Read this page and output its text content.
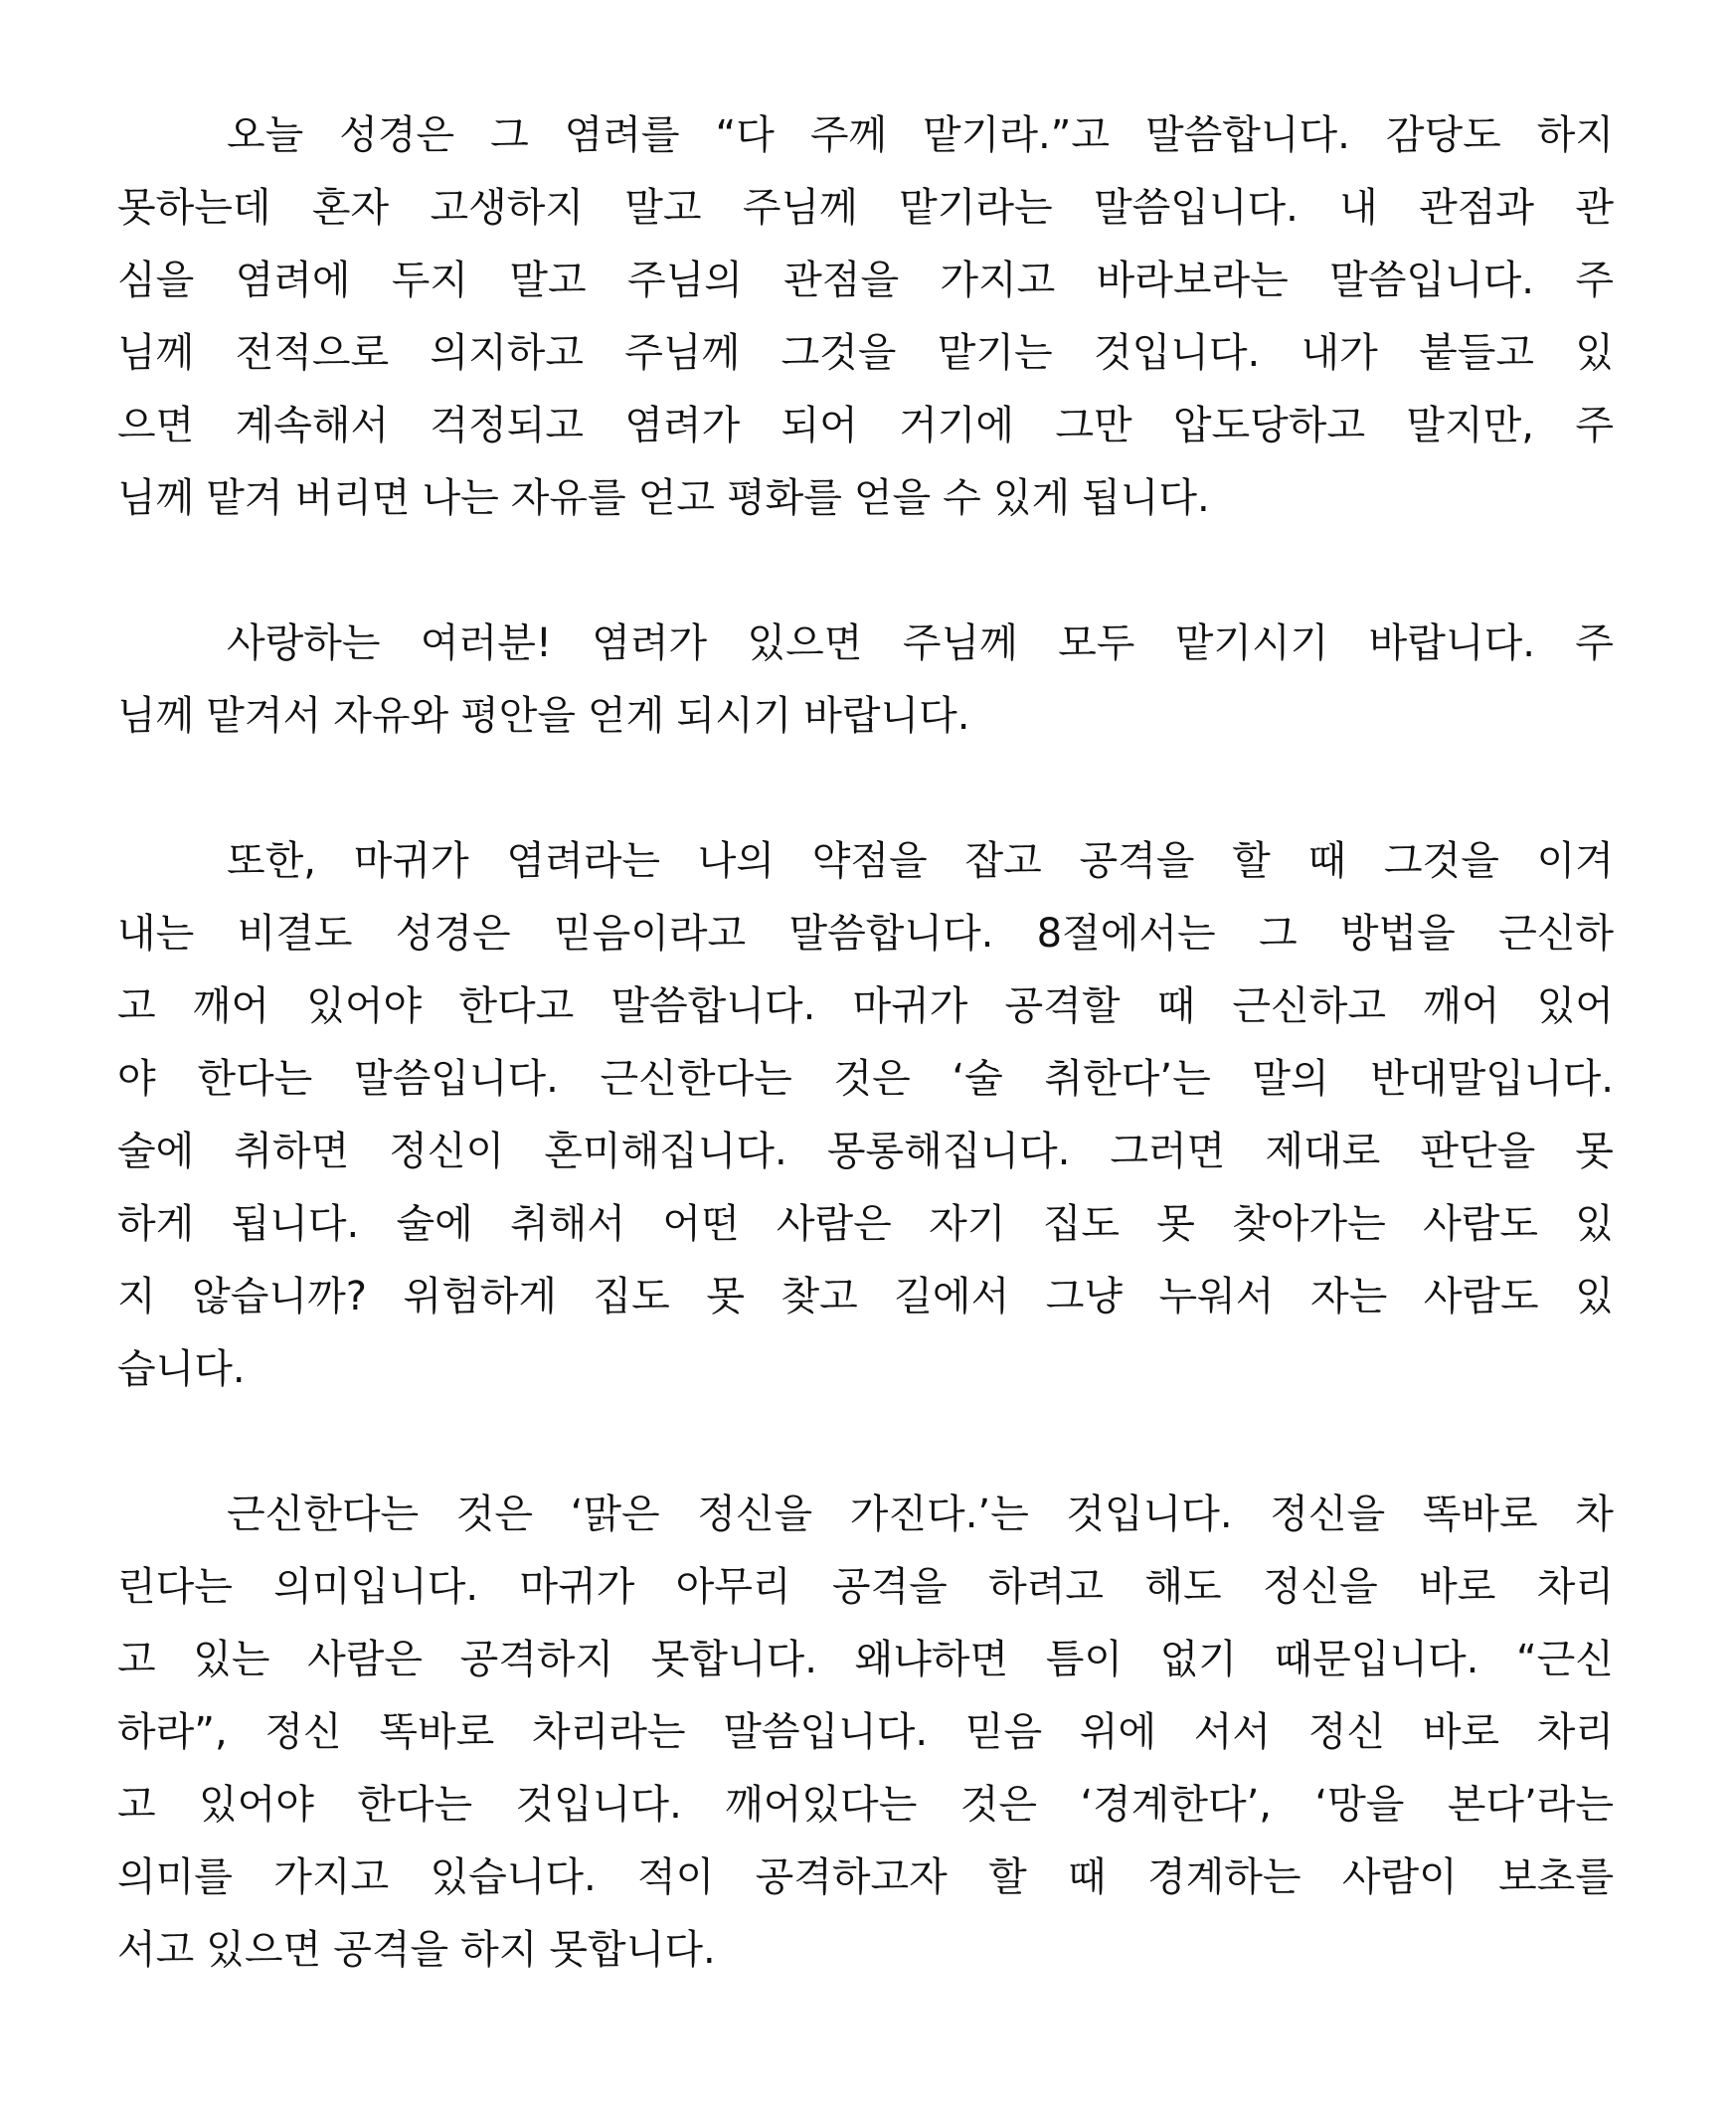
오늘 성경은 그 염려를 “다 주께 맡기라.”고 말씀합니다. 감당도 하지
못하는데 혼자 고생하지 말고 주님께 맡기라는 말씀입니다. 내 관점과 관
심을 염려에 두지 말고 주님의 관점을 가지고 바라보라는 말씀입니다. 주
님께 전적으로 의지하고 주님께 그것을 맡기는 것입니다. 내가 붙들고 있
으면 계속해서 걱정되고 염려가 되어 거기에 그만 압도당하고 말지만, 주
님께 맡겨 버리면 나는 자유를 얻고 평화를 얻을 수 있게 됩니다.
사랑하는 여러분! 염려가 있으면 주님께 모두 맡기시기 바랍니다. 주
님께 맡겨서 자유와 평안을 얻게 되시기 바랍니다.
또한, 마귀가 염려라는 나의 약점을 잡고 공격을 할 때 그것을 이겨
내는 비결도 성경은 믿음이라고 말씀합니다. 8절에서는 그 방법을 근신하
고 깨어 있어야 한다고 말씀합니다. 마귀가 공격할 때 근신하고 깨어 있어
야 한다는 말씀입니다. 근신한다는 것은 ‘술 취한다’는 말의 반대말입니다.
술에 취하면 정신이 혼미해집니다. 몽롱해집니다. 그러면 제대로 판단을 못
하게 됩니다. 술에 취해서 어떤 사람은 자기 집도 못 찾아가는 사람도 있
지 않습니까? 위험하게 집도 못 찾고 길에서 그냥 누워서 자는 사람도 있
습니다.
근신한다는 것은 ‘맑은 정신을 가진다.’는 것입니다. 정신을 똑바로 차
린다는 의미입니다. 마귀가 아무리 공격을 하려고 해도 정신을 바로 차리
고 있는 사람은 공격하지 못합니다. 왜냐하면 틈이 없기 때문입니다. “근신
하라”, 정신 똑바로 차리라는 말씀입니다. 믿음 위에 서서 정신 바로 차리
고 있어야 한다는 것입니다. 깨어있다는 것은 ‘경계한다’, ‘망을 본다’라는
의미를 가지고 있습니다. 적이 공격하고자 할 때 경계하는 사람이 보초를
서고 있으면 공격을 하지 못합니다.
